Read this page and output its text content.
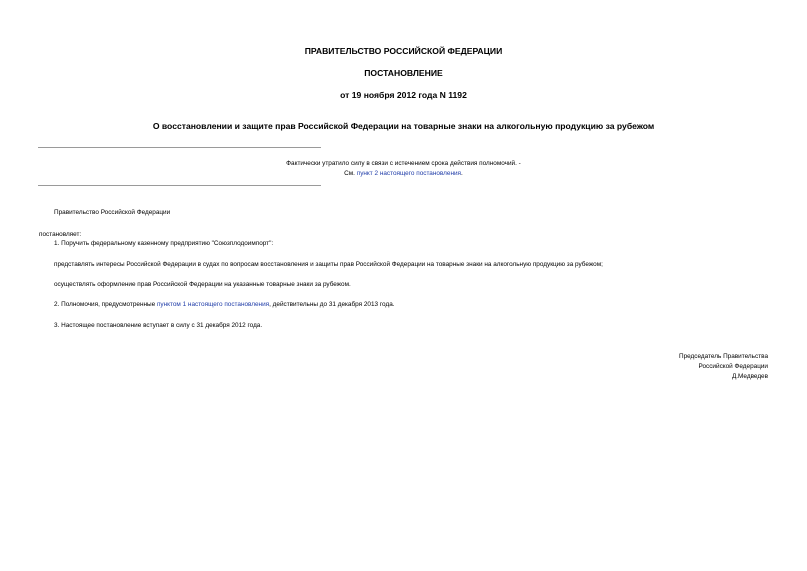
ПРАВИТЕЛЬСТВО РОССИЙСКОЙ ФЕДЕРАЦИИ
ПОСТАНОВЛЕНИЕ
от 19 ноября 2012 года N 1192
О восстановлении и защите прав Российской Федерации на товарные знаки на алкогольную продукцию за рубежом
Фактически утратило силу в связи с истечением срока действия полномочий. -
См. пункт 2 настоящего постановления.
Правительство Российской Федерации
постановляет:
1. Поручить федеральному казенному предприятию "Союзплодоимпорт":
представлять интересы Российской Федерации в судах по вопросам восстановления и защиты прав Российской Федерации на товарные знаки на алкогольную продукцию за рубежом;
осуществлять оформление прав Российской Федерации на указанные товарные знаки за рубежом.
2. Полномочия, предусмотренные пунктом 1 настоящего постановления, действительны до 31 декабря 2013 года.
3. Настоящее постановление вступает в силу с 31 декабря 2012 года.
Председатель Правительства
Российской Федерации
Д.Медведев
